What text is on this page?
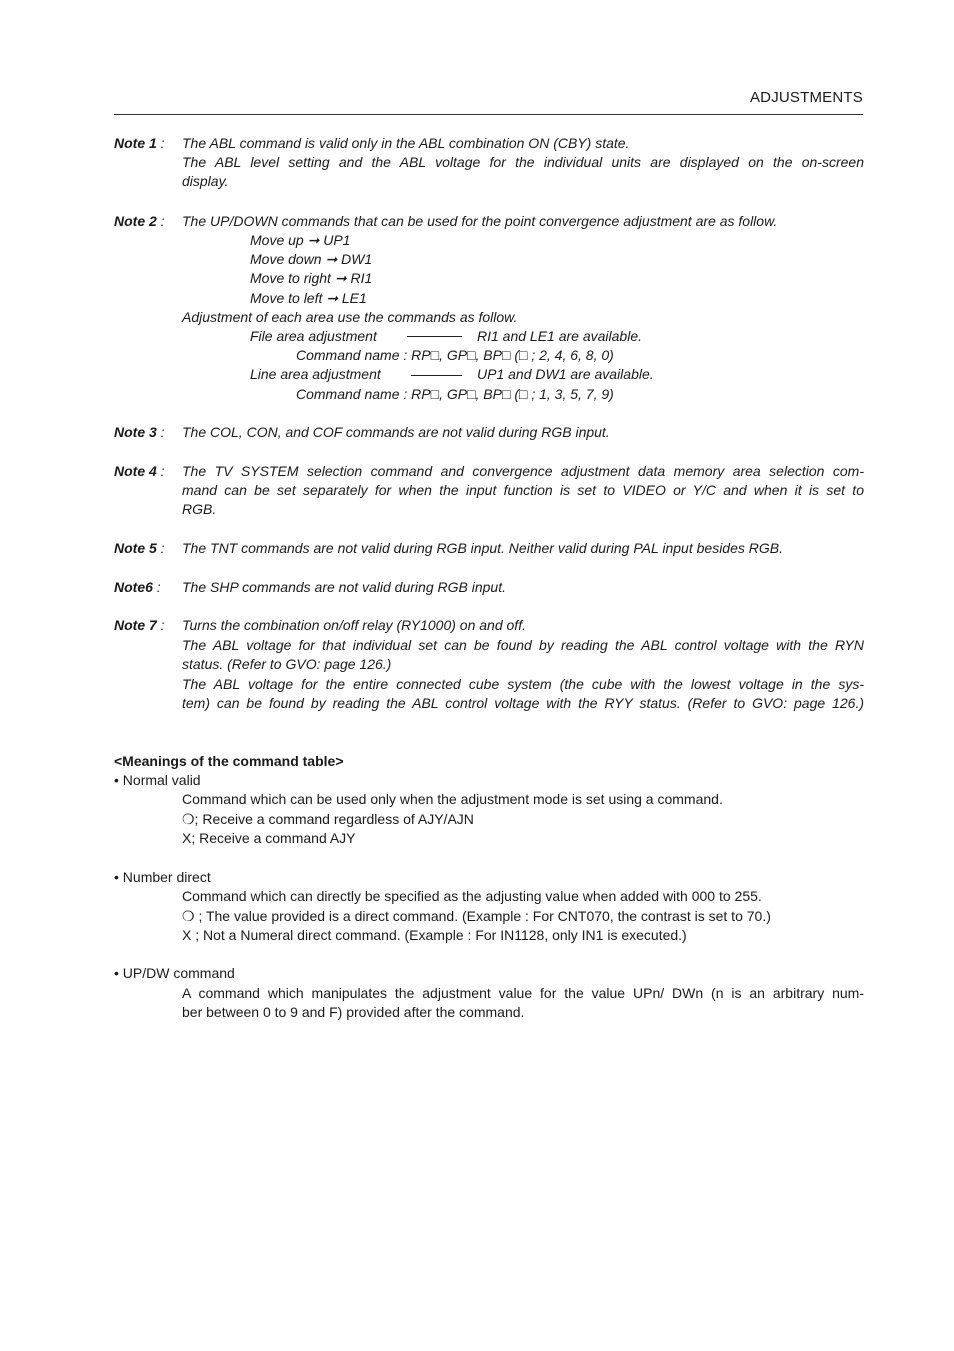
ADJUSTMENTS
Note 1 : The ABL command is valid only in the ABL combination ON (CBY) state.
The ABL level setting and the ABL voltage for the individual units are displayed on the on-screen
display.
Note 2 : The UP/DOWN commands that can be used for the point convergence adjustment are as follow.
Move up ➞ UP1
Move down ➞ DW1
Move to right ➞ RI1
Move to left ➞ LE1
Adjustment of each area use the commands as follow.
File area adjustment	RI1 and LE1 are available.
Command name : RP□, GP□, BP□ (□ ; 2, 4, 6, 8, 0)
Line area adjustment	UP1 and DW1 are available.
Command name : RP□, GP□, BP□ (□ ; 1, 3, 5, 7, 9)
Note 3 : The COL, CON, and COF commands are not valid during RGB input.
Note 4 : The TV SYSTEM selection command and convergence adjustment data memory area selection com-
mand can be set separately for when the input function is set to VIDEO or Y/C and when it is set to
RGB.
Note 5 : The TNT commands are not valid during RGB input. Neither valid during PAL input besides RGB.
Note6 : The SHP commands are not valid during RGB input.
Note 7 : Turns the combination on/off relay (RY1000) on and off.
The ABL voltage for that individual set can be found by reading the ABL control voltage with the RYN
status. (Refer to GVO: page 126.)
The ABL voltage for the entire connected cube system (the cube with the lowest voltage in the sys-
tem) can be found by reading the ABL control voltage with the RYY status. (Refer to GVO: page 126.)
<Meanings of the command table>
• Normal valid
Command which can be used only when the adjustment mode is set using a command.
❍; Receive a command regardless of AJY/AJN
X; Receive a command AJY
• Number direct
Command which can directly be specified as the adjusting value when added with 000 to 255.
❍ ; The value provided is a direct command. (Example : For CNT070, the contrast is set to 70.)
X ; Not a Numeral direct command. (Example : For IN1128, only IN1 is executed.)
• UP/DW command
A command which manipulates the adjustment value for the value UPn/ DWn (n is an arbitrary num-
ber between 0 to 9 and F) provided after the command.
